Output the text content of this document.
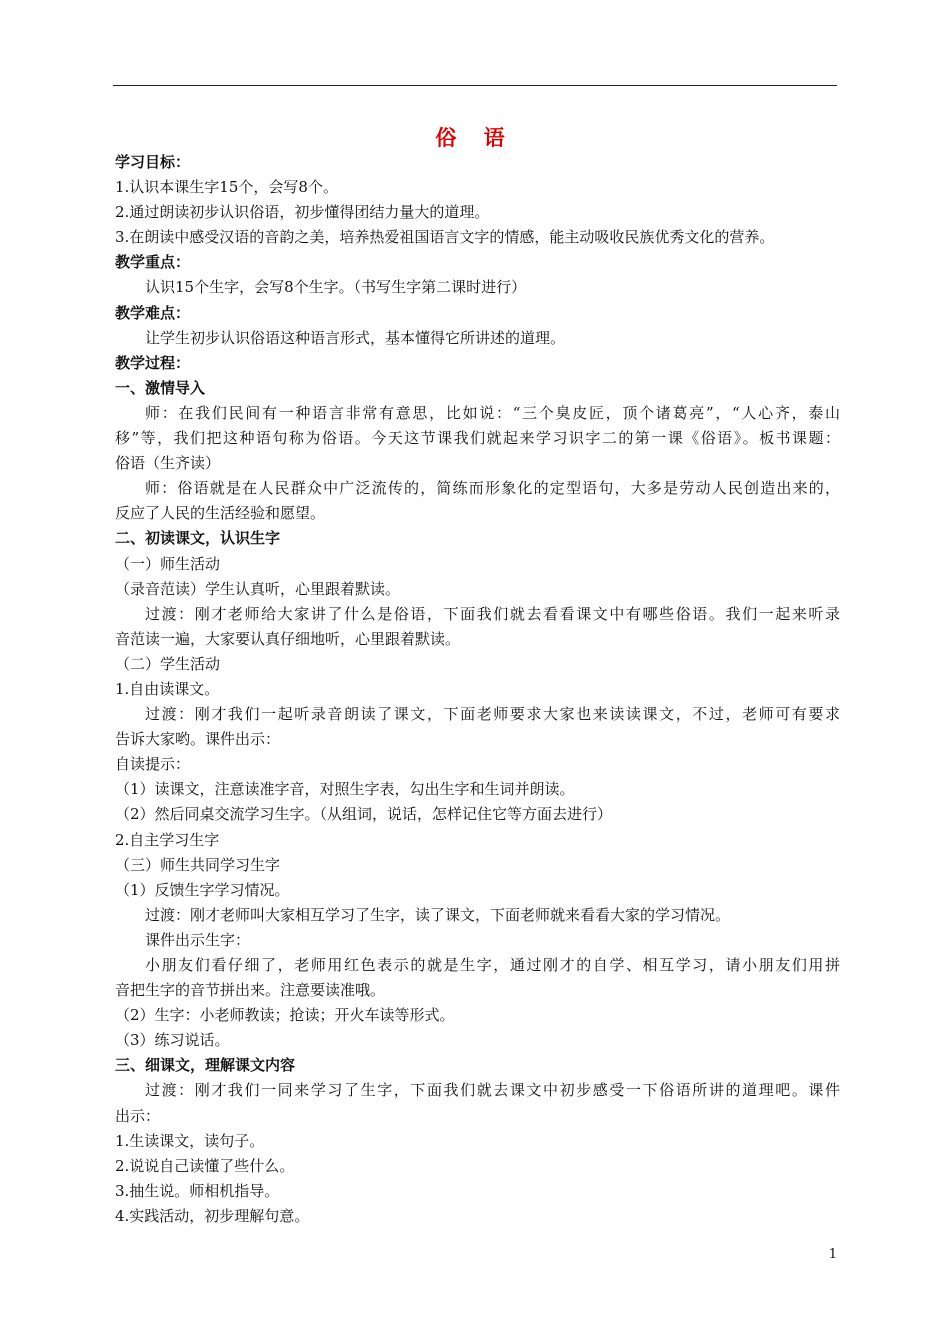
俗 语
学习目标：
1.认识本课生字15个，会写8个。
2.通过朗读初步认识俗语，初步懂得团结力量大的道理。
3.在朗读中感受汉语的音韵之美，培养热爱祖国语言文字的情感，能主动吸收民族优秀文化的营养。
教学重点：
认识15个生字，会写8个生字。（书写生字第二课时进行）
教学难点：
让学生初步认识俗语这种语言形式，基本懂得它所讲述的道理。
教学过程：
一、激情导入
师：在我们民间有一种语言非常有意思，比如说：“三个臭皮匠，顶个诸葛亮”，“人心齐，泰山
移”等，我们把这种语句称为俗语。今天这节课我们就起来学习识字二的第一课《俗语》。板书课题：
俗语（生齐读）
师：俗语就是在人民群众中广泛流传的，简练而形象化的定型语句，大多是劳动人民创造出来的，
反应了人民的生活经验和愿望。
二、初读课文，认识生字
（一）师生活动
（录音范读）学生认真听，心里跟着默读。
过渡：刚才老师给大家讲了什么是俗语，下面我们就去看看课文中有哪些俗语。我们一起来听录
音范读一遍，大家要认真仔细地听，心里跟着默读。
（二）学生活动
1.自由读课文。
过渡：刚才我们一起听录音朗读了课文，下面老师要求大家也来读读课文，不过，老师可有要求
告诉大家哟。课件出示：
自读提示：
（1）读课文，注意读准字音，对照生字表，勾出生字和生词并朗读。
（2）然后同桌交流学习生字。（从组词，说话，怎样记住它等方面去进行）
2.自主学习生字
（三）师生共同学习生字
（1）反馈生字学习情况。
过渡：刚才老师叫大家相互学习了生字，读了课文，下面老师就来看看大家的学习情况。
课件出示生字：
小朋友们看仔细了，老师用红色表示的就是生字，通过刚才的自学、相互学习，请小朋友们用拼
音把生字的音节拼出来。注意要读准哦。
（2）生字：小老师教读；抢读；开火车读等形式。
（3）练习说话。
三、细课文，理解课文内容
过渡：刚才我们一同来学习了生字，下面我们就去课文中初步感受一下俗语所讲的道理吧。课件
出示：
1.生读课文，读句子。
2.说说自己读懂了些什么。
3.抽生说。师相机指导。
4.实践活动，初步理解句意。
1
